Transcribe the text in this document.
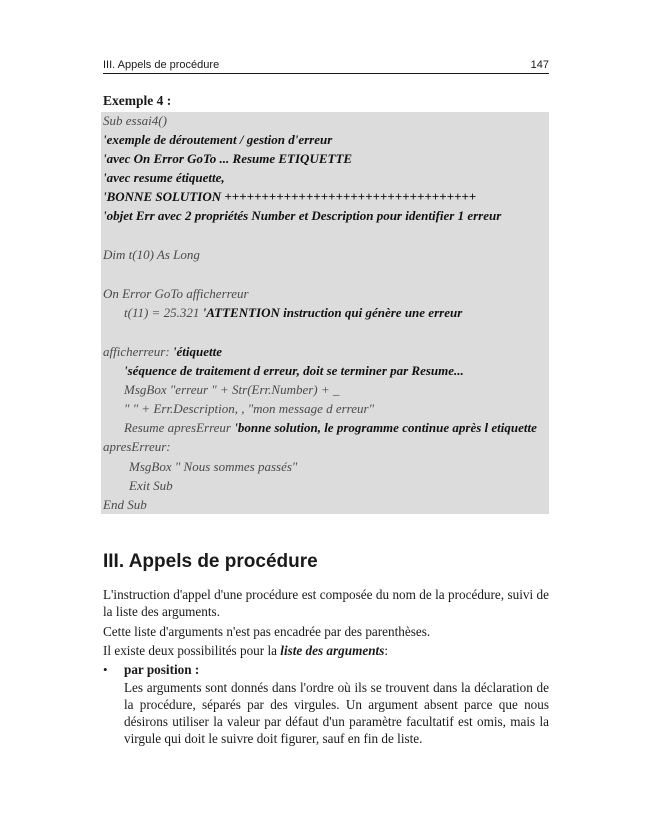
III. Appels de procédure	147
Exemple 4 :
Sub essai4()
'exemple de déroutement / gestion d'erreur
'avec On Error GoTo ... Resume ETIQUETTE
'avec resume étiquette,
'BONNE SOLUTION ++++++++++++++++++++++++++++++++++
'objet Err avec 2 propriétés Number et Description pour identifier 1 erreur
Dim t(10) As Long
On Error GoTo afficherreur
t(11) = 25.321 'ATTENTION instruction qui génère une erreur
afficherreur: 'étiquette
'séquence de traitement d erreur, doit se terminer par Resume...
MsgBox "erreur " + Str(Err.Number) + _
" " + Err.Description, , "mon message d erreur"
Resume apresErreur 'bonne solution, le programme continue après l etiquette
apresErreur:
MsgBox " Nous sommes passés"
Exit Sub
End Sub
III. Appels de procédure
L'instruction d'appel d'une procédure est composée du nom de la procédure, suivi de la liste des arguments.
Cette liste d'arguments n'est pas encadrée par des parenthèses.
Il existe deux possibilités pour la liste des arguments:
• par position :
Les arguments sont donnés dans l'ordre où ils se trouvent dans la déclaration de la procédure, séparés par des virgules. Un argument absent parce que nous désirons utiliser la valeur par défaut d'un paramètre facultatif est omis, mais la virgule qui doit le suivre doit figurer, sauf en fin de liste.
